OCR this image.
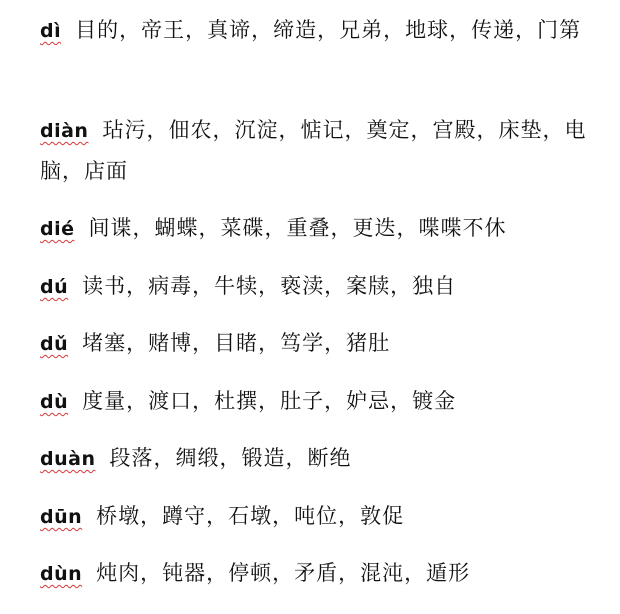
dì 目的，帝王，真谛，缔造，兄弟，地球，传递，门第
diàn 玷污，佃农，沉淀，惦记，奠定，宫殿，床垫，电脑，店面
dié 间谍，蝴蝶，菜碟，重叠，更迭，喋喋不休
dú 读书，病毒，牛犊，亵渎，案牍，独自
dǔ 堵塞，赌博，目睹，笃学，猪肚
dù 度量，渡口，杜撰，肚子，妒忌，镀金
duàn 段落，绸缎，锻造，断绝
dūn 桥墩，蹲守，石墩，吨位，敦促
dùn 炖肉，钝器，停顿，矛盾，混沌，遁形
